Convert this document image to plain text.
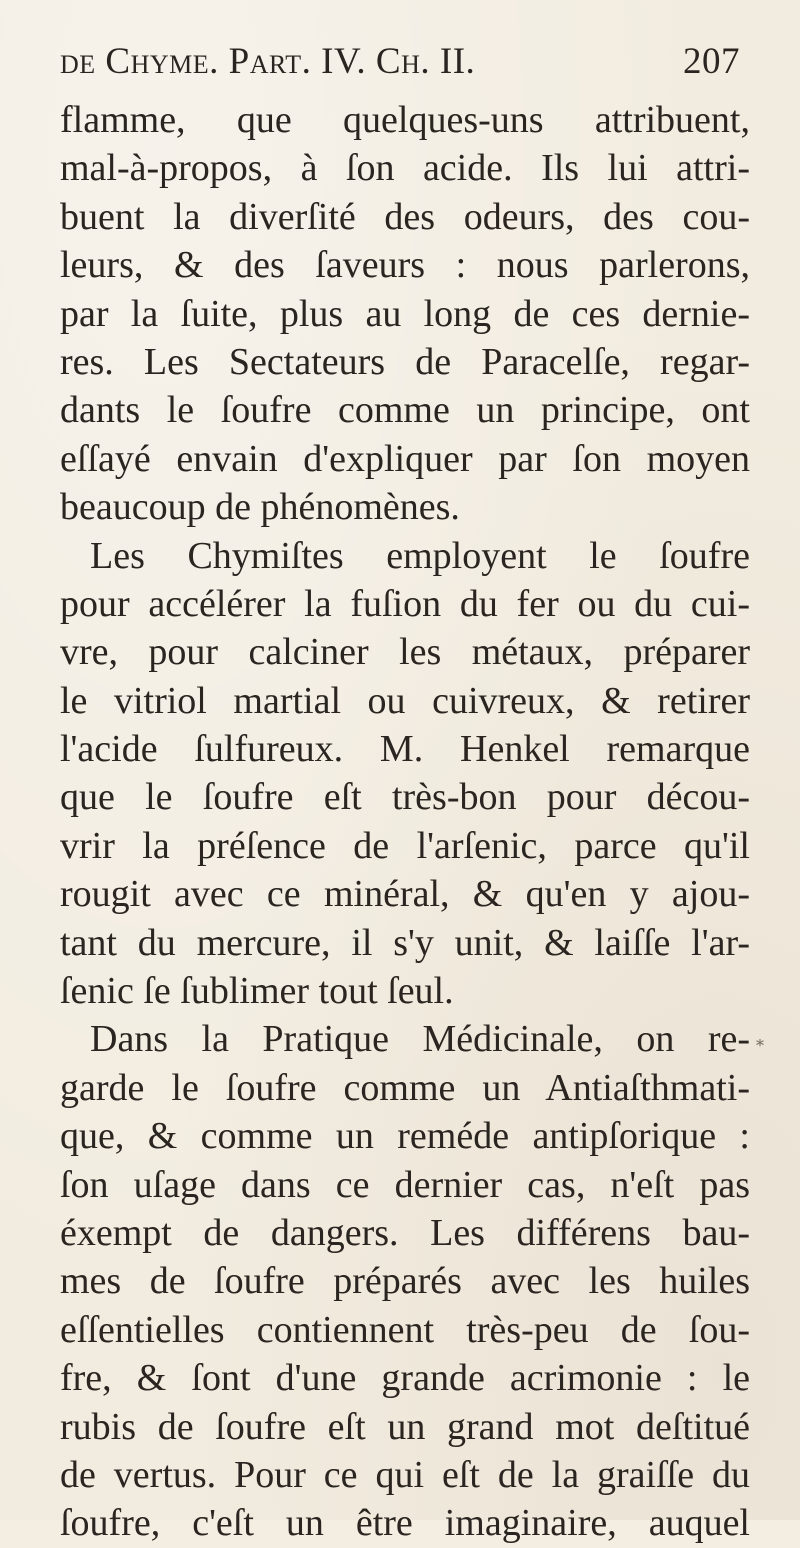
de Chyme. Part. IV. Ch. II.	207
flamme, que quelques-uns attribuent,
mal-à-propos, à ſon acide. Ils lui attri-
buent la diverſité des odeurs, des cou-
leurs, & des ſaveurs : nous parlerons,
par la ſuite, plus au long de ces dernie-
res. Les Sectateurs de Paracelſe, regar-
dants le ſoufre comme un principe, ont
eſſayé envain d'expliquer par ſon moyen
beaucoup de phénomènes.
Les Chymiſtes employent le ſoufre
pour accélérer la fuſion du fer ou du cui-
vre, pour calciner les métaux, préparer
le vitriol martial ou cuivreux, & retirer
l'acide ſulfureux. M. Henkel remarque
que le ſoufre eſt très-bon pour décou-
vrir la préſence de l'arſenic, parce qu'il
rougit avec ce minéral, & qu'en y ajou-
tant du mercure, il s'y unit, & laiſſe l'ar-
ſenic ſe ſublimer tout ſeul.
Dans la Pratique Médicinale, on re-
garde le ſoufre comme un Antiaſthmati-
que, & comme un reméde antipſorique :
ſon uſage dans ce dernier cas, n'eſt pas
éxempt de dangers. Les différens bau-
mes de ſoufre préparés avec les huiles
eſſentielles contiennent très-peu de ſou-
fre, & ſont d'une grande acrimonie : le
rubis de ſoufre eſt un grand mot deſtitué
de vertus. Pour ce qui eſt de la graiſſe du
ſoufre, c'eſt un être imaginaire, auquel
*
